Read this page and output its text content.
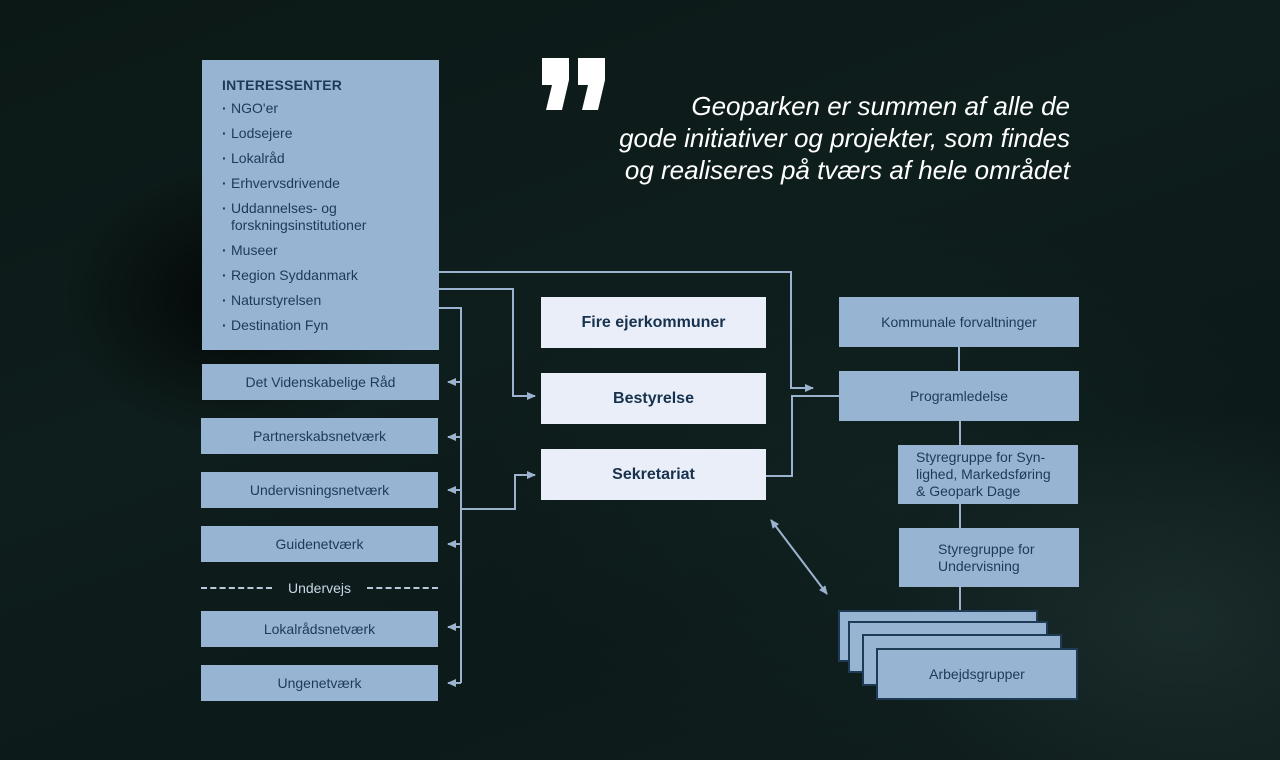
Geoparken er summen af alle de
gode initiativer og projekter, som findes
og realiseres på tværs af hele området
INTERESSENTER
· NGO'er
· Lodsejere
· Lokalråd
· Erhvervsdrivende
· Uddannelses- og forskningsinstitutioner
· Museer
· Region Syddanmark
· Naturstyrelsen
· Destination Fyn
Det Videnskabelige Råd
Partnerskabsnetværk
Undervisningsnetværk
Guidenetværk
Undervejs
Lokalrådsnetværk
Ungenetværk
Fire ejerkommuner
Bestyrelse
Sekretariat
Kommunale forvaltninger
Programledelse
Styregruppe for Syn-
lighed, Markedsføring
& Geopark Dage
Styregruppe for
Undervisning
Arbejdsgrupper
